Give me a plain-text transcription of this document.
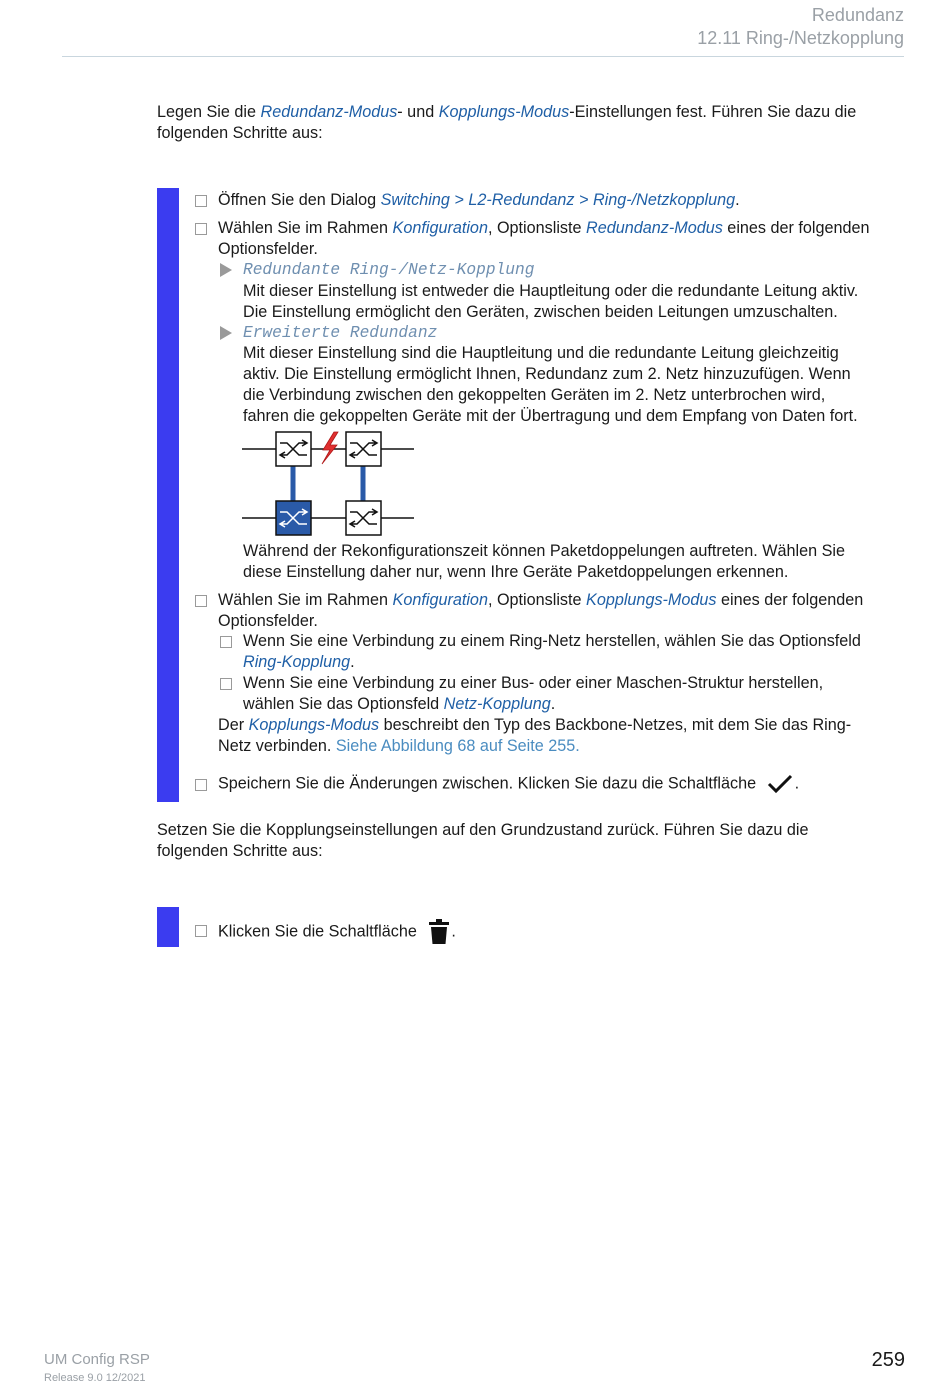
Redundanz
12.11 Ring-/Netzkopplung
Legen Sie die Redundanz-Modus- und Kopplungs-Modus-Einstellungen fest. Führen Sie dazu die
folgenden Schritte aus:
Öffnen Sie den Dialog Switching > L2-Redundanz > Ring-/Netzkopplung.
Wählen Sie im Rahmen Konfiguration, Optionsliste Redundanz-Modus eines der folgenden
Optionsfelder.
Redundante Ring-/Netz-Kopplung
Mit dieser Einstellung ist entweder die Hauptleitung oder die redundante Leitung aktiv.
Die Einstellung ermöglicht den Geräten, zwischen beiden Leitungen umzuschalten.
Erweiterte Redundanz
Mit dieser Einstellung sind die Hauptleitung und die redundante Leitung gleichzeitig
aktiv. Die Einstellung ermöglicht Ihnen, Redundanz zum 2. Netz hinzuzufügen. Wenn
die Verbindung zwischen den gekoppelten Geräten im 2. Netz unterbrochen wird,
fahren die gekoppelten Geräte mit der Übertragung und dem Empfang von Daten fort.
Während der Rekonfigurationszeit können Paketdoppelungen auftreten. Wählen Sie
diese Einstellung daher nur, wenn Ihre Geräte Paketdoppelungen erkennen.
Wählen Sie im Rahmen Konfiguration, Optionsliste Kopplungs-Modus eines der folgenden
Optionsfelder.
Wenn Sie eine Verbindung zu einem Ring-Netz herstellen, wählen Sie das Optionsfeld
Ring-Kopplung.
Wenn Sie eine Verbindung zu einer Bus- oder einer Maschen-Struktur herstellen,
wählen Sie das Optionsfeld Netz-Kopplung.
Der Kopplungs-Modus beschreibt den Typ des Backbone-Netzes, mit dem Sie das Ring-
Netz verbinden. Siehe Abbildung 68 auf Seite 255.
Speichern Sie die Änderungen zwischen. Klicken Sie dazu die Schaltfläche .
Setzen Sie die Kopplungseinstellungen auf den Grundzustand zurück. Führen Sie dazu die
folgenden Schritte aus:
Klicken Sie die Schaltfläche .
UM Config RSP
Release 9.0 12/2021
259
